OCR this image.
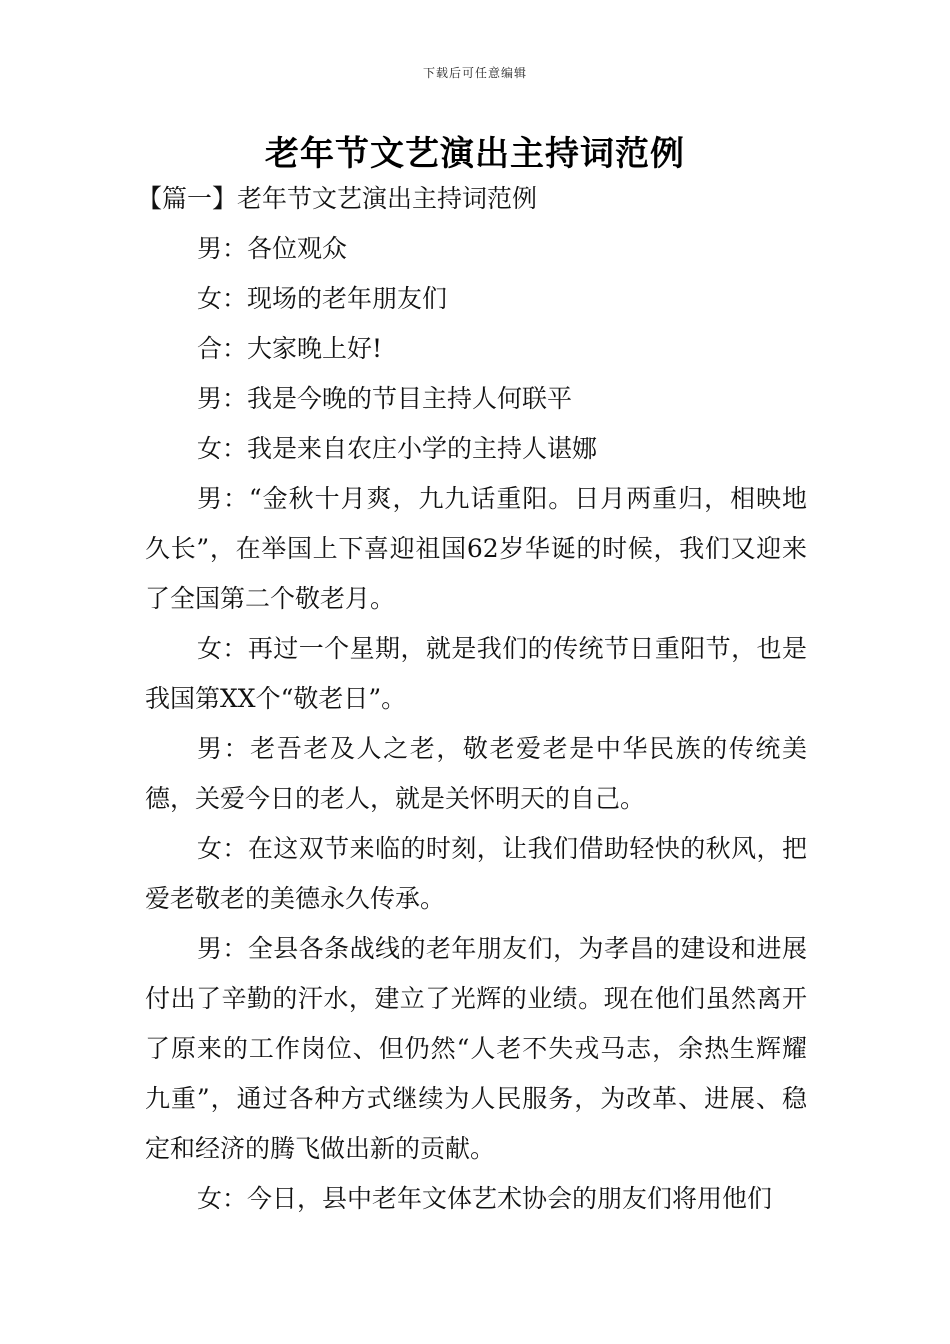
下载后可任意编辑
老年节文艺演出主持词范例

【篇一】老年节文艺演出主持词范例

男：各位观众

女：现场的老年朋友们

合：大家晚上好!

男：我是今晚的节目主持人何联平

女：我是来自农庄小学的主持人谌娜

男：“金秋十月爽，九九话重阳。日月两重归，相映地久长”，在举国上下喜迎祖国62岁华诞的时候，我们又迎来了全国第二个敬老月。

女：再过一个星期，就是我们的传统节日重阳节，也是我国第XX个“敬老日”。

男：老吾老及人之老，敬老爱老是中华民族的传统美德，关爱今日的老人，就是关怀明天的自己。

女：在这双节来临的时刻，让我们借助轻快的秋风，把爱老敬老的美德永久传承。

男：全县各条战线的老年朋友们，为孝昌的建设和进展付出了辛勤的汗水，建立了光辉的业绩。现在他们虽然离开了原来的工作岗位、但仍然“人老不失戎马志，余热生辉耀九重”，通过各种方式继续为人民服务，为改革、进展、稳定和经济的腾飞做出新的贡献。

女：今日，县中老年文体艺术协会的朋友们将用他们
